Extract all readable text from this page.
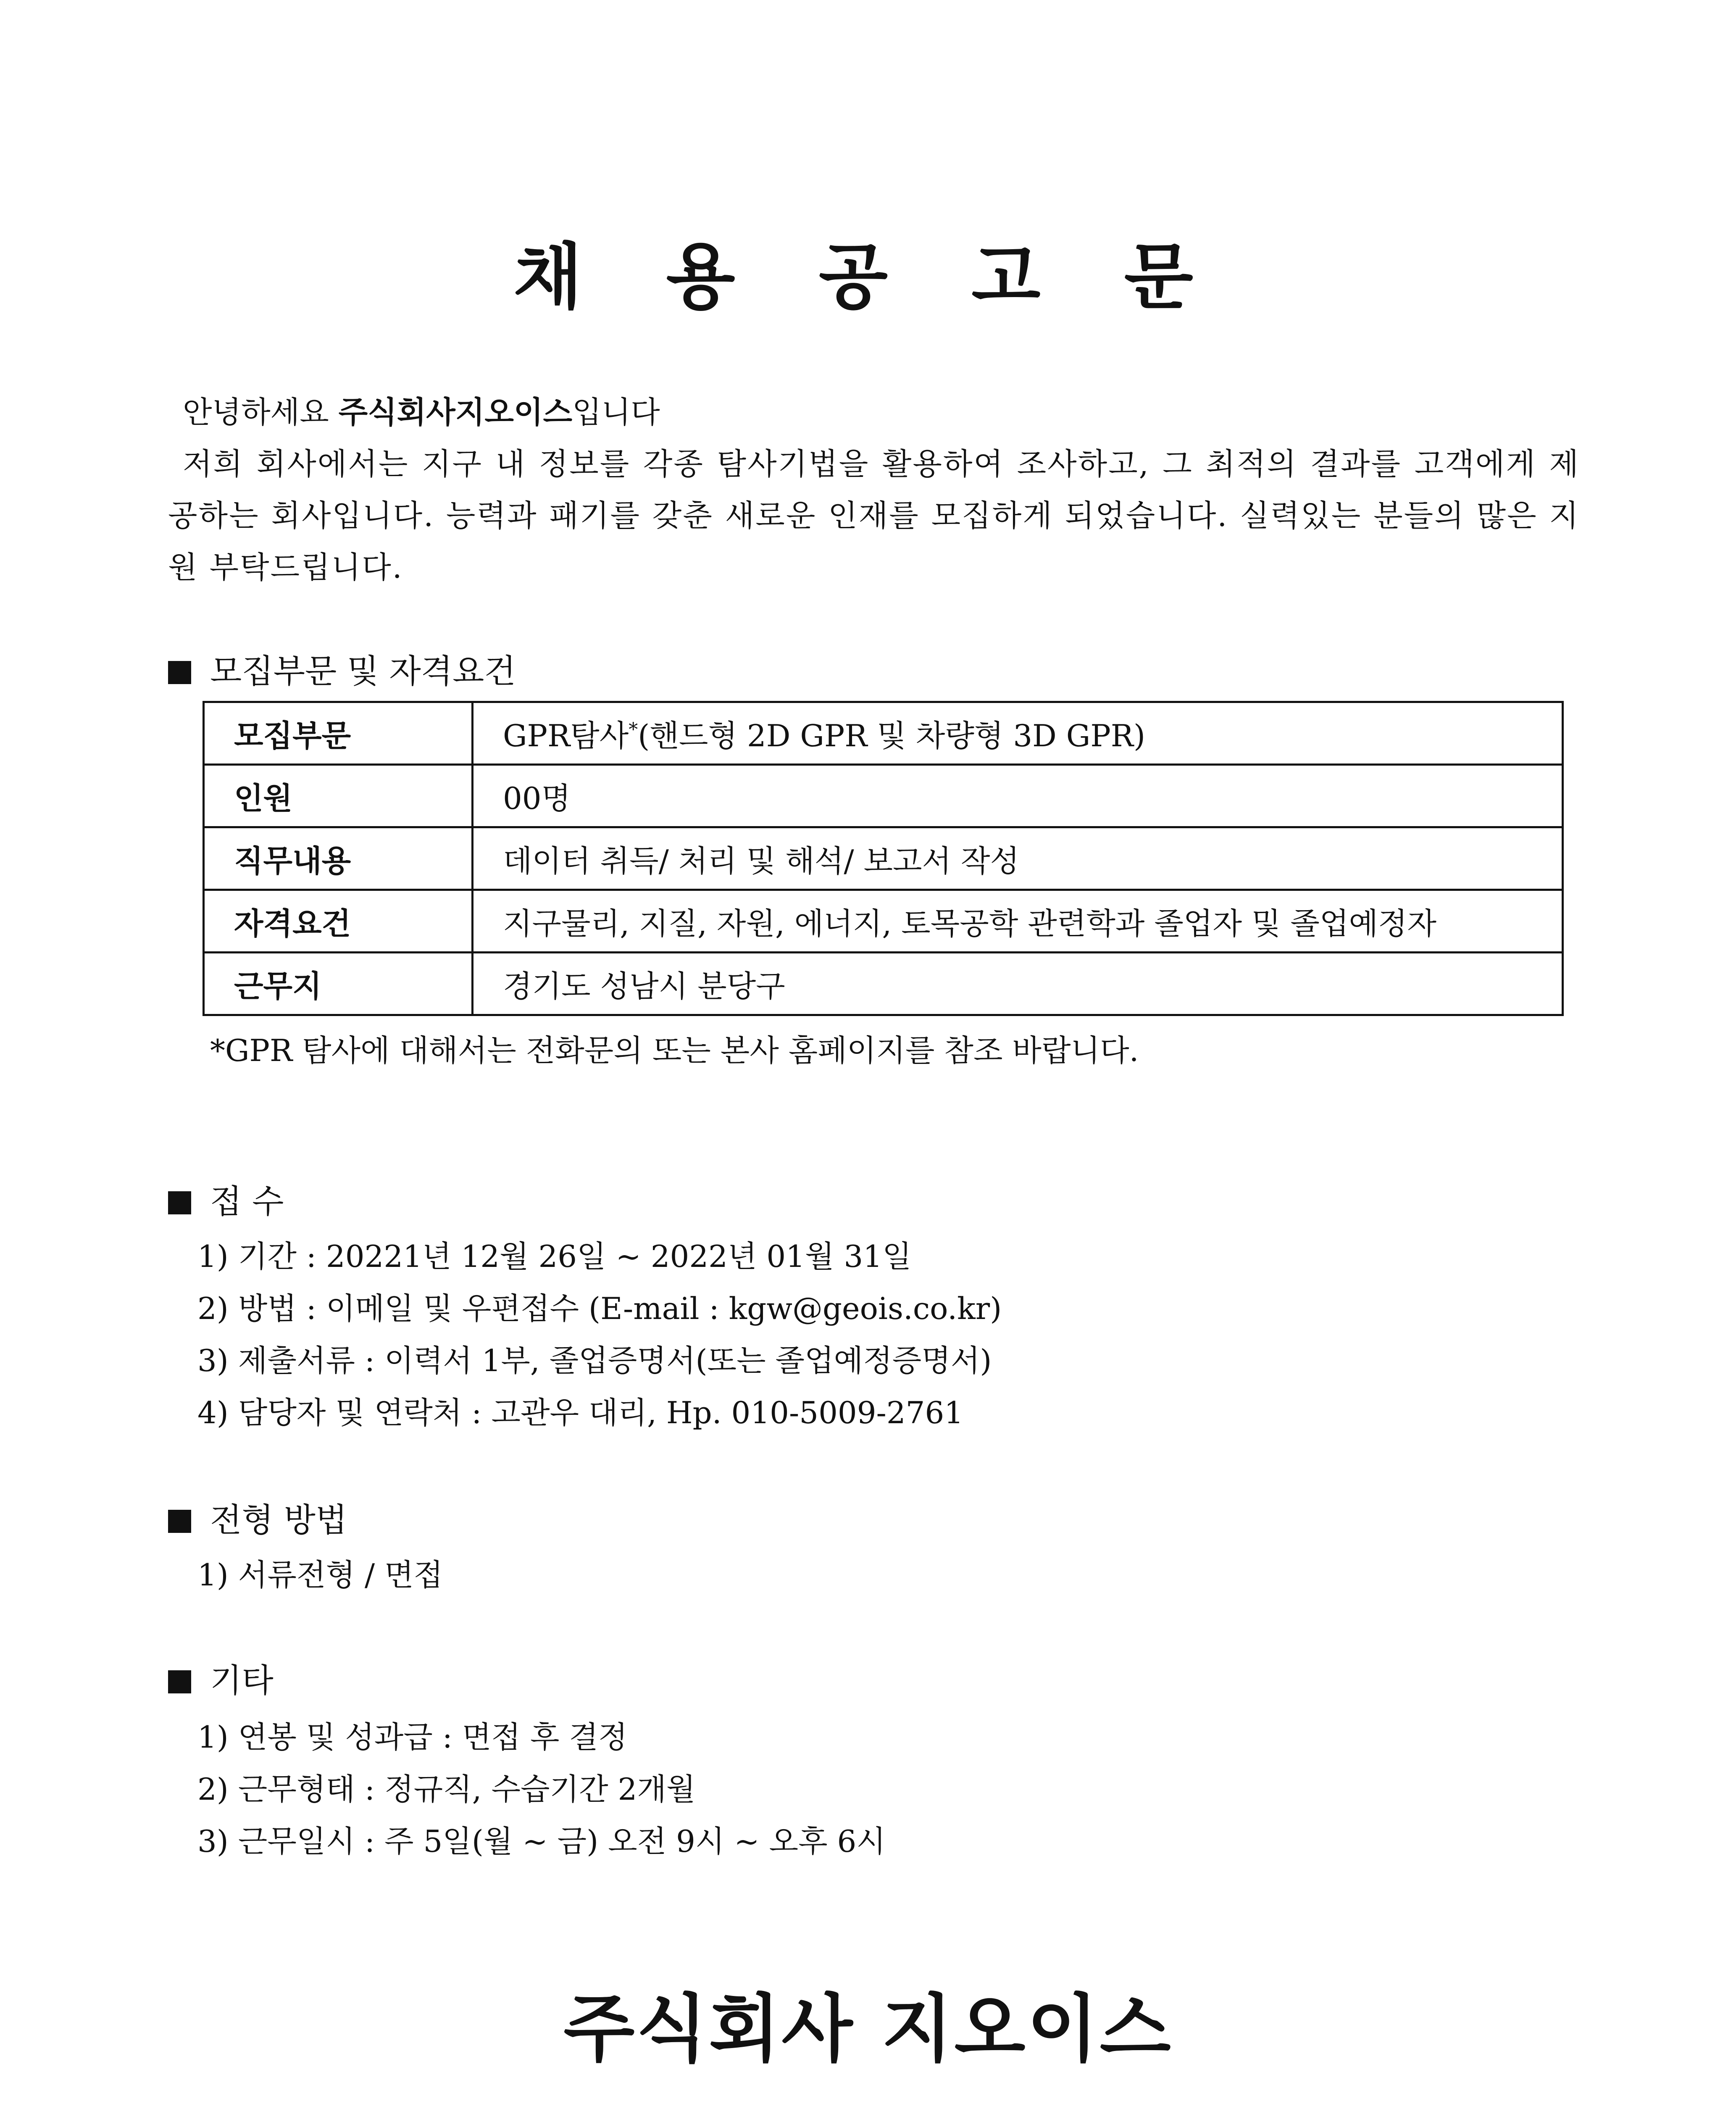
채 용 공 고 문

안녕하세요 주식회사지오이스입니다

저희 회사에서는 지구 내 정보를 각종 탐사기법을 활용하여 조사하고, 그 최적의 결과를 고객에게 제공하는 회사입니다. 능력과 패기를 갖춘 새로운 인재를 모집하게 되었습니다. 실력있는 분들의 많은 지원 부탁드립니다.

모집부문 및 자격요건
모집부문	GPR탐사*(핸드형 2D GPR 및 차량형 3D GPR)
인원	00명
직무내용	데이터 취득/ 처리 및 해석/ 보고서 작성
자격요건	지구물리, 지질, 자원, 에너지, 토목공학 관련학과 졸업자 및 졸업예정자
근무지	경기도 성남시 분당구
*GPR 탐사에 대해서는 전화문의 또는 본사 홈페이지를 참조 바랍니다.
접 수
1) 기간 : 20221년 12월 26일 ~ 2022년 01월 31일
2) 방법 : 이메일 및 우편접수 (E-mail : kgw@geois.co.kr)
3) 제출서류 : 이력서 1부, 졸업증명서(또는 졸업예정증명서)
4) 담당자 및 연락처 : 고관우 대리, Hp. 010-5009-2761
전형 방법
1) 서류전형 / 면접
기타
1) 연봉 및 성과급 : 면접 후 결정
2) 근무형태 : 정규직, 수습기간 2개월
3) 근무일시 : 주 5일(월 ~ 금) 오전 9시 ~ 오후 6시
주식회사 지오이스
